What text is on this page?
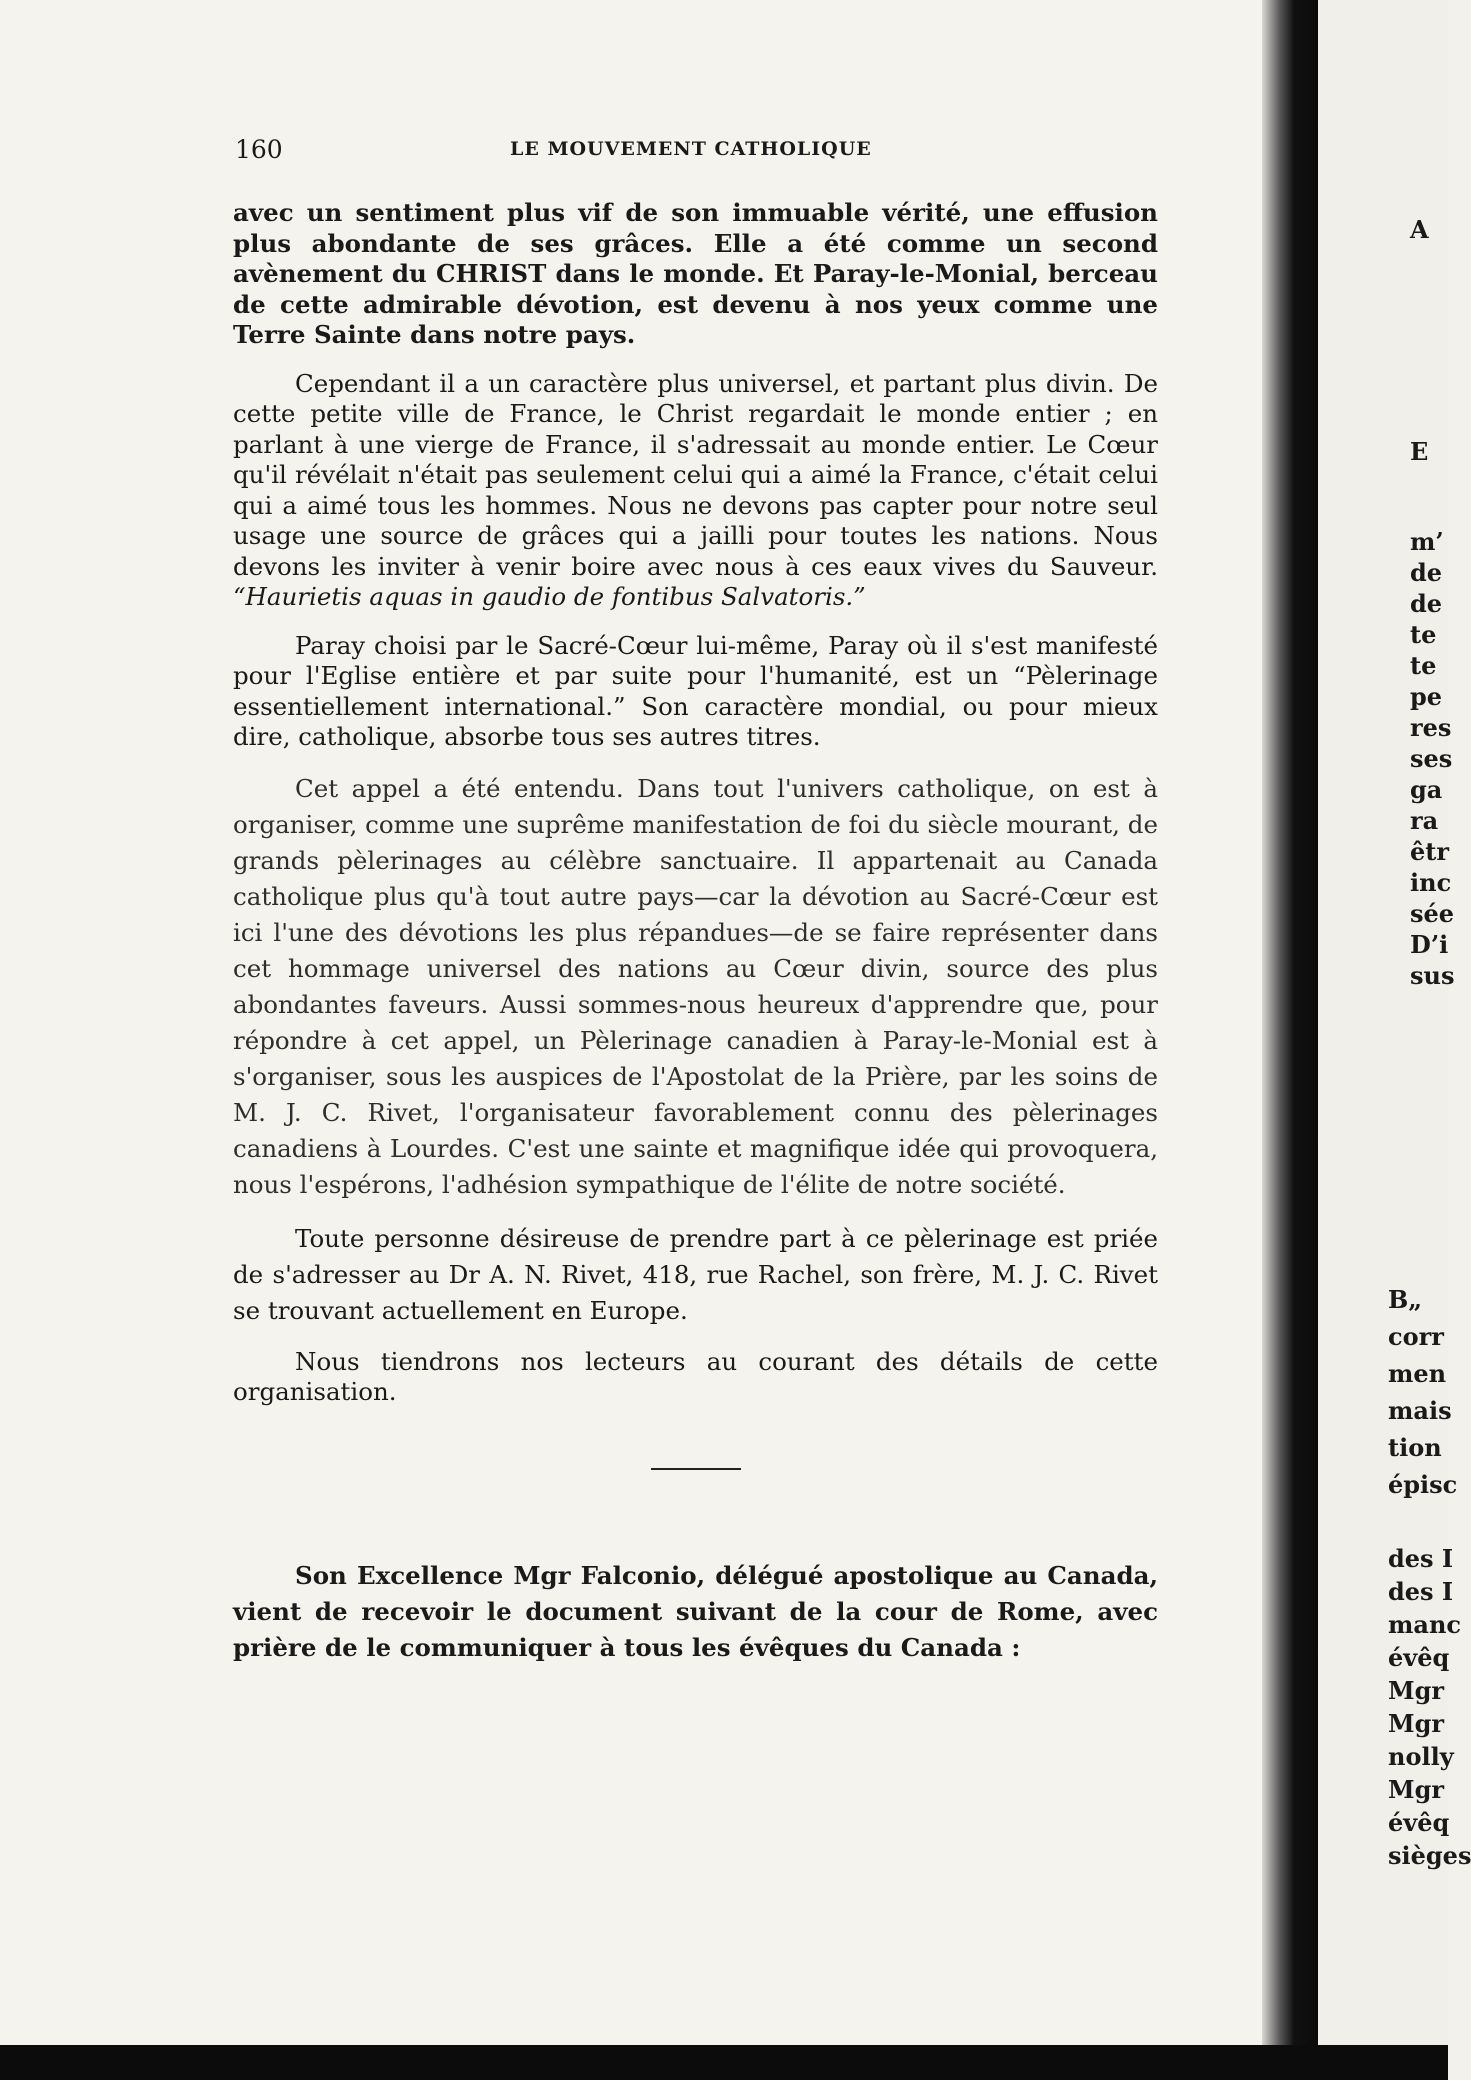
160	LE MOUVEMENT CATHOLIQUE

avec un sentiment plus vif de son immuable vérité, une effusion plus abondante de ses grâces. Elle a été comme un second avènement du CHRIST dans le monde. Et Paray-le-Monial, berceau de cette admirable dévotion, est devenu à nos yeux comme une Terre Sainte dans notre pays.

Cependant il a un caractère plus universel, et partant plus divin. De cette petite ville de France, le Christ regardait le monde entier ; en parlant à une vierge de France, il s'adressait au monde entier. Le Cœur qu'il révélait n'était pas seulement celui qui a aimé la France, c'était celui qui a aimé tous les hommes. Nous ne devons pas capter pour notre seul usage une source de grâces qui a jailli pour toutes les nations. Nous devons les inviter à venir boire avec nous à ces eaux vives du Sauveur. “Haurietis aquas in gaudio de fontibus Salvatoris.”

Paray choisi par le Sacré-Cœur lui-même, Paray où il s'est manifesté pour l'Eglise entière et par suite pour l'humanité, est un “Pèlerinage essentiellement international.” Son caractère mondial, ou pour mieux dire, catholique, absorbe tous ses autres titres.

Cet appel a été entendu. Dans tout l'univers catholique, on est à organiser, comme une suprême manifestation de foi du siècle mourant, de grands pèlerinages au célèbre sanctuaire. Il appartenait au Canada catholique plus qu'à tout autre pays—car la dévotion au Sacré-Cœur est ici l'une des dévotions les plus répandues—de se faire représenter dans cet hommage universel des nations au Cœur divin, source des plus abondantes faveurs. Aussi sommes-nous heureux d'apprendre que, pour répondre à cet appel, un Pèlerinage canadien à Paray-le-Monial est à s'organiser, sous les auspices de l'Apostolat de la Prière, par les soins de M. J. C. Rivet, l'organisateur favorablement connu des pèlerinages canadiens à Lourdes. C'est une sainte et magnifique idée qui provoquera, nous l'espérons, l'adhésion sympathique de l'élite de notre société.

Toute personne désireuse de prendre part à ce pèlerinage est priée de s'adresser au Dr A. N. Rivet, 418, rue Rachel, son frère, M. J. C. Rivet se trouvant actuellement en Europe.

Nous tiendrons nos lecteurs au courant des détails de cette organisation.

Son Excellence Mgr Falconio, délégué apostolique au Canada, vient de recevoir le document suivant de la cour de Rome, avec prière de le communiquer à tous les évêques du Canada :

A
E
m’
de
de
te
te
pe
res
ses
ga
ra
êtr
inc
sée
D’i
sus
B„
corr
men
mais
tion
épisc
des I
des I
manc
évêq
Mgr
Mgr
nolly
Mgr
évêq
sièges
